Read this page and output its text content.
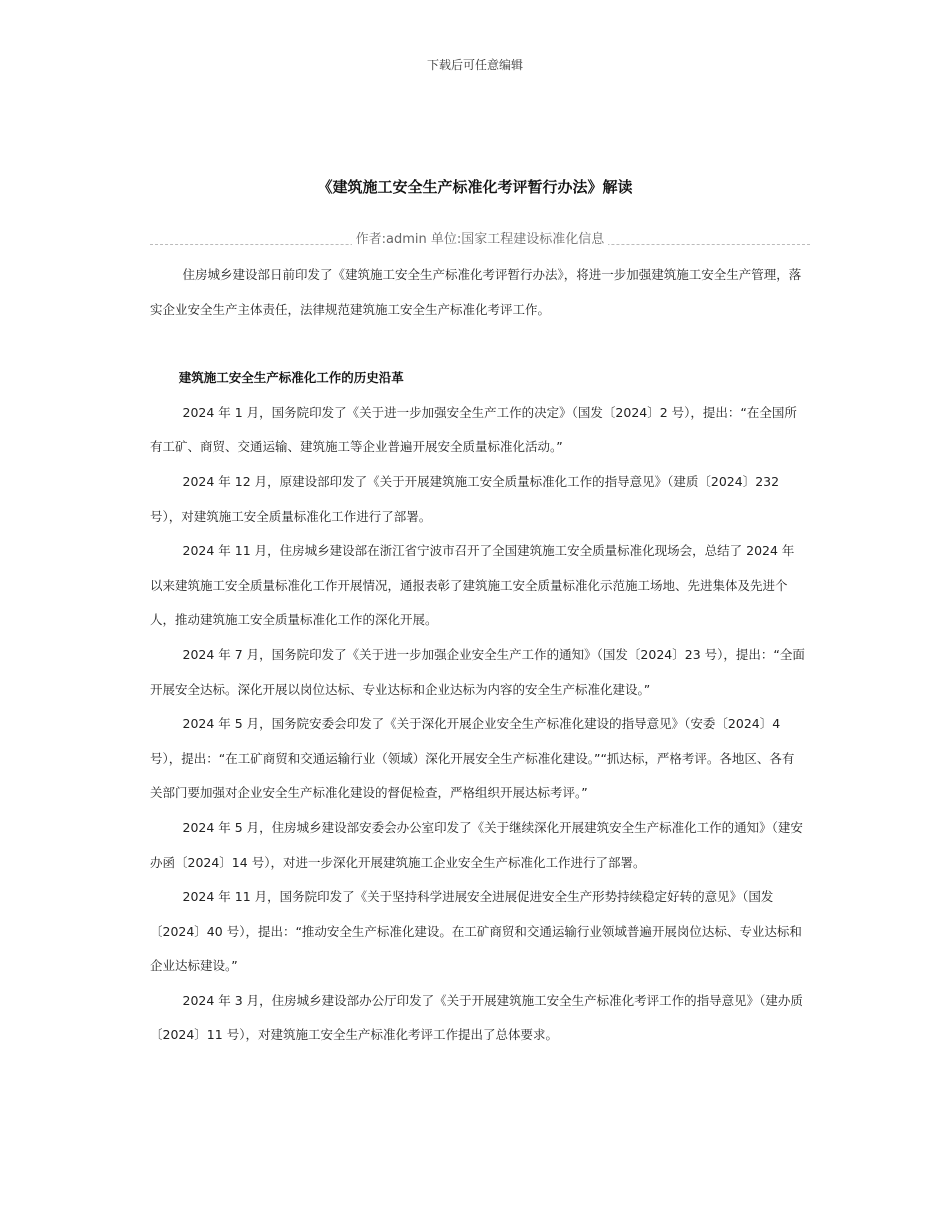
下载后可任意编辑
《建筑施工安全生产标准化考评暂行办法》解读
作者:admin 单位:国家工程建设标准化信息

住房城乡建设部日前印发了《建筑施工安全生产标准化考评暂行办法》，将进一步加强建筑施工安全生产管理，落实企业安全生产主体责任，法律规范建筑施工安全生产标准化考评工作。

建筑施工安全生产标准化工作的历史沿革

2024 年 1 月，国务院印发了《关于进一步加强安全生产工作的决定》（国发〔2024〕2 号），提出：“在全国所有工矿、商贸、交通运输、建筑施工等企业普遍开展安全质量标准化活动。”

2024 年 12 月，原建设部印发了《关于开展建筑施工安全质量标准化工作的指导意见》（建质〔2024〕232 号），对建筑施工安全质量标准化工作进行了部署。

2024 年 11 月，住房城乡建设部在浙江省宁波市召开了全国建筑施工安全质量标准化现场会，总结了 2024 年以来建筑施工安全质量标准化工作开展情况，通报表彰了建筑施工安全质量标准化示范施工场地、先进集体及先进个人，推动建筑施工安全质量标准化工作的深化开展。

2024 年 7 月，国务院印发了《关于进一步加强企业安全生产工作的通知》（国发〔2024〕23 号），提出：“全面开展安全达标。深化开展以岗位达标、专业达标和企业达标为内容的安全生产标准化建设。”

2024 年 5 月，国务院安委会印发了《关于深化开展企业安全生产标准化建设的指导意见》（安委〔2024〕4 号），提出：“在工矿商贸和交通运输行业（领域）深化开展安全生产标准化建设。”“抓达标，严格考评。各地区、各有关部门要加强对企业安全生产标准化建设的督促检查，严格组织开展达标考评。”

2024 年 5 月，住房城乡建设部安委会办公室印发了《关于继续深化开展建筑安全生产标准化工作的通知》（建安办函〔2024〕14 号），对进一步深化开展建筑施工企业安全生产标准化工作进行了部署。

2024 年 11 月，国务院印发了《关于坚持科学进展安全进展促进安全生产形势持续稳定好转的意见》（国发〔2024〕40 号），提出：“推动安全生产标准化建设。在工矿商贸和交通运输行业领域普遍开展岗位达标、专业达标和企业达标建设。”

2024 年 3 月，住房城乡建设部办公厅印发了《关于开展建筑施工安全生产标准化考评工作的指导意见》（建办质〔2024〕11 号），对建筑施工安全生产标准化考评工作提出了总体要求。
